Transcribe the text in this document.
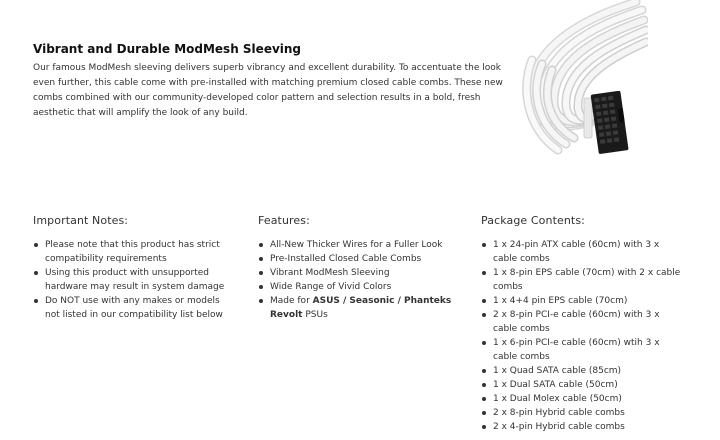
Vibrant and Durable ModMesh Sleeving

Our famous ModMesh sleeving delivers superb vibrancy and excellent durability. To accentuate the look even further, this cable come with pre-installed with matching premium closed cable combs. These new combs combined with our community-developed color pattern and selection results in a bold, fresh aesthetic that will amplify the look of any build.

Important Notes:
Please note that this product has strict compatibility requirements
Using this product with unsupported hardware may result in system damage
Do NOT use with any makes or models not listed in our compatibility list below
Features:
All-New Thicker Wires for a Fuller Look
Pre-Installed Closed Cable Combs
Vibrant ModMesh Sleeving
Wide Range of Vivid Colors
Made for ASUS / Seasonic / Phanteks Revolt PSUs
Package Contents:
1 x 24-pin ATX cable (60cm) with 3 x cable combs
1 x 8-pin EPS cable (70cm) with 2 x cable combs
1 x 4+4 pin EPS cable (70cm)
2 x 8-pin PCI-e cable (60cm) with 3 x cable combs
1 x 6-pin PCI-e cable (60cm) wtih 3 x cable combs
1 x Quad SATA cable (85cm)
1 x Dual SATA cable (50cm)
1 x Dual Molex cable (50cm)
2 x 8-pin Hybrid cable combs
2 x 4-pin Hybrid cable combs
